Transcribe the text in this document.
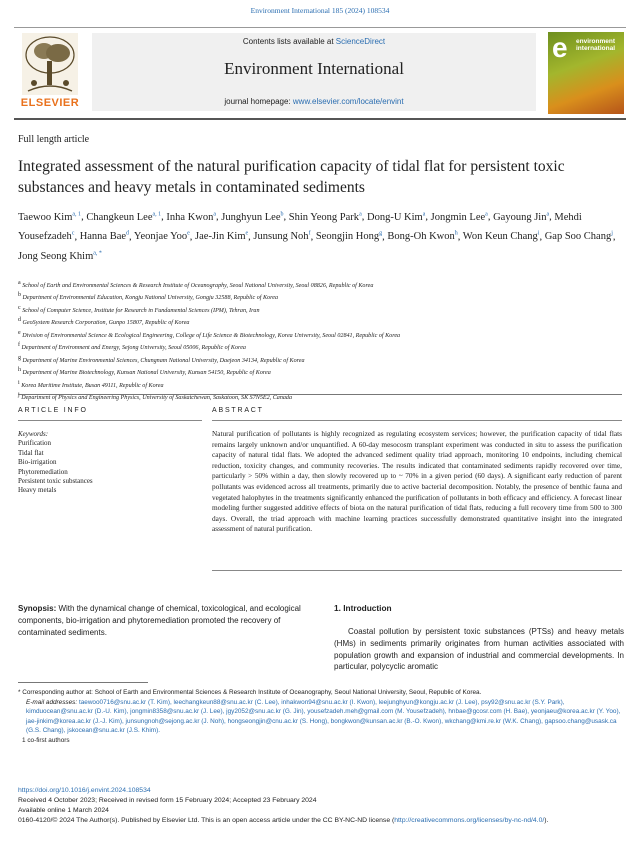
Environment International 185 (2024) 108534
ELSEVIER
Contents lists available at ScienceDirect
Environment International
journal homepage: www.elsevier.com/locate/envint
e environment
international
Full length article
Integrated assessment of the natural purification capacity of tidal flat for persistent toxic substances and heavy metals in contaminated sediments
Taewoo Kim$^{a, 1}$, Changkeun Lee$^{a, 1}$, Inha Kwon$^a$, Junghyun Lee$^b$, Shin Yeong Park$^a$, Dong-U Kim$^a$, Jongmin Lee$^a$, Gayoung Jin$^a$, Mehdi Yousefzadeh$^c$, Hanna Bae$^d$, Yeonjae Yoo$^e$, Jae-Jin Kim$^e$, Junsung Noh$^f$, Seongjin Hong$^g$, Bong-Oh Kwon$^h$, Won Keun Chang$^i$, Gap Soo Chang$^j$, Jong Seong Khim$^{a, *}$
$^a$ School of Earth and Environmental Sciences & Research Institute of Oceanography, Seoul National University, Seoul 08826, Republic of Korea
$^b$ Department of Environmental Education, Kongju National University, Gongju 32588, Republic of Korea
$^c$ School of Computer Science, Institute for Research in Fundamental Sciences (IPM), Tehran, Iran
$^d$ GeoSystem Research Corporation, Gunpo 15807, Republic of Korea
$^e$ Division of Environmental Science & Ecological Engineering, College of Life Science & Biotechnology, Korea University, Seoul 02841, Republic of Korea
$^f$ Department of Environment and Energy, Sejong University, Seoul 05006, Republic of Korea
$^g$ Department of Marine Environmental Sciences, Chungnam National University, Daejeon 34134, Republic of Korea
$^h$ Department of Marine Biotechnology, Kunsan National University, Kunsan 54150, Republic of Korea
$^i$ Korea Maritime Institute, Busan 49111, Republic of Korea
$^j$ Department of Physics and Engineering Physics, University of Saskatchewan, Saskatoon, SK S7N5E2, Canada
ARTICLE INFO	ABSTRACT
Keywords:
Purification
Tidal flat
Bio-irrigation
Phytoremediation
Persistent toxic substances
Heavy metals
Natural purification of pollutants is highly recognized as regulating ecosystem services; however, the purification capacity of tidal flats remains largely unknown and/or unquantified. A 60-day mesocosm transplant experiment was conducted in situ to assess the purification capacity of natural tidal flats. We adopted the advanced sediment quality triad approach, monitoring 10 endpoints, including chemical reduction, toxicity changes, and community recoveries. The results indicated that contaminated sediments rapidly recovered over time, particularly > 50% within a day, then slowly recovered up to ~ 70% in a given period (60 days). A significant early reduction of parent pollutants was evidenced across all treatments, primarily due to active bacterial decomposition. Notably, the presence of benthic fauna and vegetated halophytes in the treatments significantly enhanced the purification of pollutants in both efficacy and efficiency. A forecast linear modeling further suggested additive effects of biota on the natural purification of tidal flats, reducing a full recovery time from 500 to 300 days. Overall, the triad approach with machine learning practices successfully demonstrated quantitative insight into the integrated assessment of natural purification.
Synopsis: With the dynamical change of chemical, toxicological, and ecological components, bio-irrigation and phytoremediation promoted the recovery of contaminated sediments.
1. Introduction
Coastal pollution by persistent toxic substances (PTSs) and heavy metals (HMs) in sediments primarily originates from human activities associated with population growth and expansion of industrial and commercial developments. In particular, polycyclic aromatic
* Corresponding author at: School of Earth and Environmental Sciences & Research Institute of Oceanography, Seoul National University, Seoul, Republic of Korea.
E-mail addresses: taewoo0716@snu.ac.kr (T. Kim), leechangkeun88@snu.ac.kr (C. Lee), inhakwon94@snu.ac.kr (I. Kwon), leejunghyun@kongju.ac.kr (J. Lee), psy92@snu.ac.kr (S.Y. Park), kimduocean@snu.ac.kr (D.-U. Kim), jongmin8358@snu.ac.kr (J. Lee), jgy2052@snu.ac.kr (G. Jin), yousefzadeh.meh@gmail.com (M. Yousefzadeh), hnbae@gcosr.com (H. Bae), yeonjaeu@korea.ac.kr (Y. Yoo), jae-jinkim@korea.ac.kr (J.-J. Kim), junsungnoh@sejong.ac.kr (J. Noh), hongseongjin@cnu.ac.kr (S. Hong), bongkwon@kunsan.ac.kr (B.-O. Kwon), wkchang@kmi.re.kr (W.K. Chang), gapsoo.chang@usask.ca (G.S. Chang), jskocean@snu.ac.kr (J.S. Khim).
1 co-first authors
https://doi.org/10.1016/j.envint.2024.108534
Received 4 October 2023; Received in revised form 15 February 2024; Accepted 23 February 2024
Available online 1 March 2024
0160-4120/© 2024 The Author(s). Published by Elsevier Ltd. This is an open access article under the CC BY-NC-ND license (http://creativecommons.org/licenses/by-nc-nd/4.0/).
